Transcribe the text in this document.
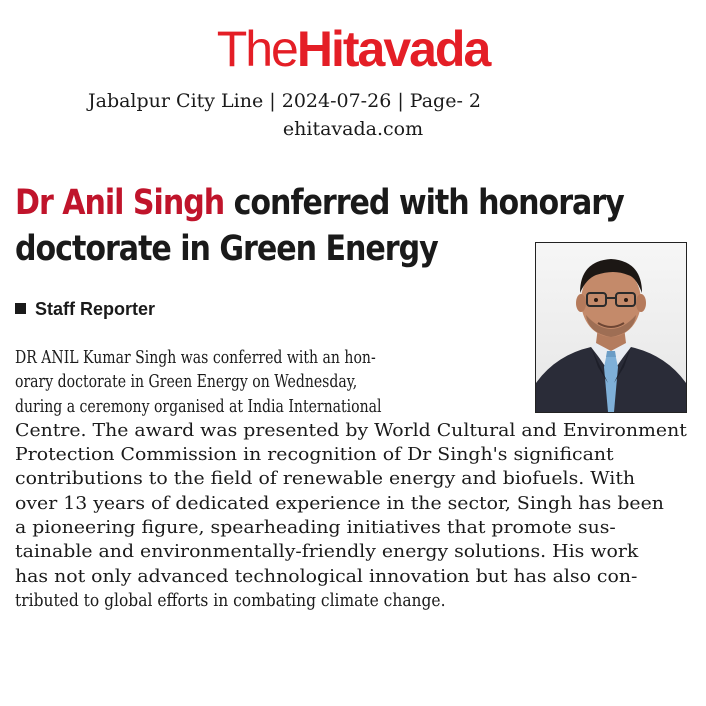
TheHitavada
Jabalpur City Line | 2024-07-26 | Page- 2
ehitavada.com
Dr Anil Singh conferred with honorary
doctorate in Green Energy
Staff Reporter
DR ANIL Kumar Singh was conferred with an hon-
orary doctorate in Green Energy on Wednesday,
during a ceremony organised at India International
Centre. The award was presented by World Cultural and Environment
Protection Commission in recognition of Dr Singh's significant
contributions to the field of renewable energy and biofuels. With
over 13 years of dedicated experience in the sector, Singh has been
a pioneering figure, spearheading initiatives that promote sus-
tainable and environmentally-friendly energy solutions. His work
has not only advanced technological innovation but has also con-
tributed to global efforts in combating climate change.
